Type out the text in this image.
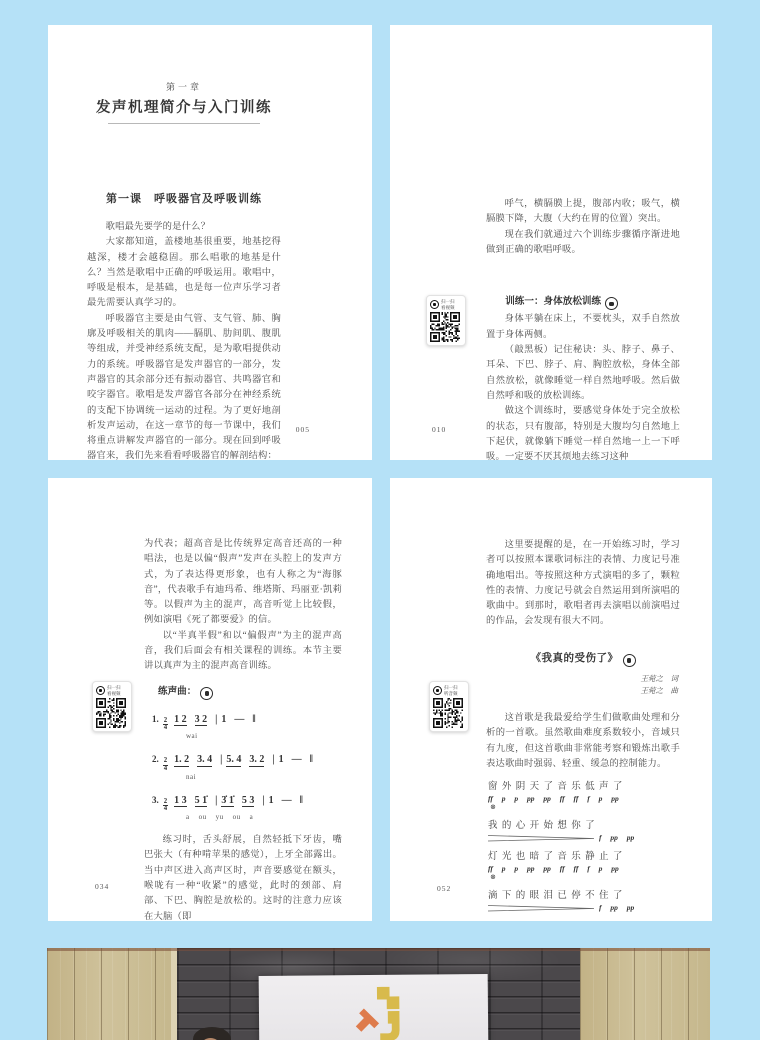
第一章
发声机理简介与入门训练
第一课　呼吸器官及呼吸训练

歌唱最先要学的是什么？

大家都知道，盖楼地基很重要，地基挖得越深，楼才会越稳固。那么唱歌的地基是什么？当然是歌唱中正确的呼吸运用。歌唱中，呼吸是根本，是基础，也是每一位声乐学习者最先需要认真学习的。

呼吸器官主要是由气管、支气管、肺、胸廓及呼吸相关的肌肉——膈肌、肋间肌、腹肌等组成，并受神经系统支配，是为歌唱提供动力的系统。呼吸器官是发声器官的一部分，发声器官的其余部分还有振动器官、共鸣器官和咬字器官。歌唱是发声器官各部分在神经系统的支配下协调统一运动的过程。为了更好地剖析发声运动，在这一章节的每一节课中，我们将重点讲解发声器官的一部分。现在回到呼吸器官来，我们先来看看呼吸器官的解剖结构：

005

呼气，横膈膜上提，腹部内收；吸气，横膈膜下降，大腹（大约在胃的位置）突出。

现在我们就通过六个训练步骤循序渐进地做到正确的歌唱呼吸。

训练一：身体放松训练

身体平躺在床上，不要枕头，双手自然放置于身体两侧。

（敲黑板）记住秘诀：头、脖子、鼻子、耳朵、下巴、脖子、肩、胸腔放松，身体全部自然放松，就像睡觉一样自然地呼吸。然后做自然呼和吸的放松训练。

做这个训练时，要感觉身体处于完全放松的状态，只有腹部，特别是大腹均匀自然地上下起伏，就像躺下睡觉一样自然地一上一下呼吸。一定要不厌其烦地去练习这种

扫一扫
看视频
010

为代表；超高音是比传统界定高音还高的一种唱法，也是以偏“假声”发声在头腔上的发声方式，为了表达得更形象，也有人称之为“海豚音”，代表歌手有迪玛希、维塔斯、玛丽亚·凯莉等。以假声为主的混声，高音听觉上比较假，例如演唱《死了都要爱》的信。

以“半真半假”和以“偏假声”为主的混声高音，我们后面会有相关课程的训练。本节主要讲以真声为主的混声高音训练。

练声曲：
1. 2
4
1 2 3 2 | 1 — ‖
wai
2. 2
4
1. 2 3. 4 | 5. 4 3. 2 | 1 — ‖
nai
3. 2
4
1 3 5 1̇ | 3̇ 1̇ 5 3 | 1 — ‖
a    ou    yu    ou    a

练习时，舌头舒展，自然轻抵下牙齿，嘴巴张大（有种啃苹果的感觉），上牙全部露出。当中声区进入高声区时，声音要感觉在额头，喉咙有一种“收紧”的感觉，此时的颈部、肩部、下巴、胸腔是放松的。这时的注意力应该在大脑（即

扫一扫
看视频
034

这里要提醒的是，在一开始练习时，学习者可以按照本课歌词标注的表情、力度记号准确地唱出。等按照这种方式演唱的多了，颗粒性的表情、力度记号就会自然运用到所演唱的歌曲中。到那时，歌唱者再去演唱以前演唱过的作品，会发现有很大不同。

《我真的受伤了》
王菀之　词
王菀之　曲

这首歌是我最爱给学生们做歌曲处理和分析的一首歌。虽然歌曲难度系数较小，音域只有九度，但这首歌曲非常能考察和锻炼出歌手表达歌曲时强弱、轻重、缓急的控制能力。

窗 外 阴 天 了 音 乐 低 声 了
ff p p pp pp ff ff f p pp
⊗
我 的 心 开 始 想 你 了
f pp pp
灯 光 也 暗 了 音 乐 静 止 了
ff p p pp pp ff ff f p pp
⊗
滴 下 的 眼 泪 已 停 不 住 了
f pp pp
扫一扫
听音频
052
